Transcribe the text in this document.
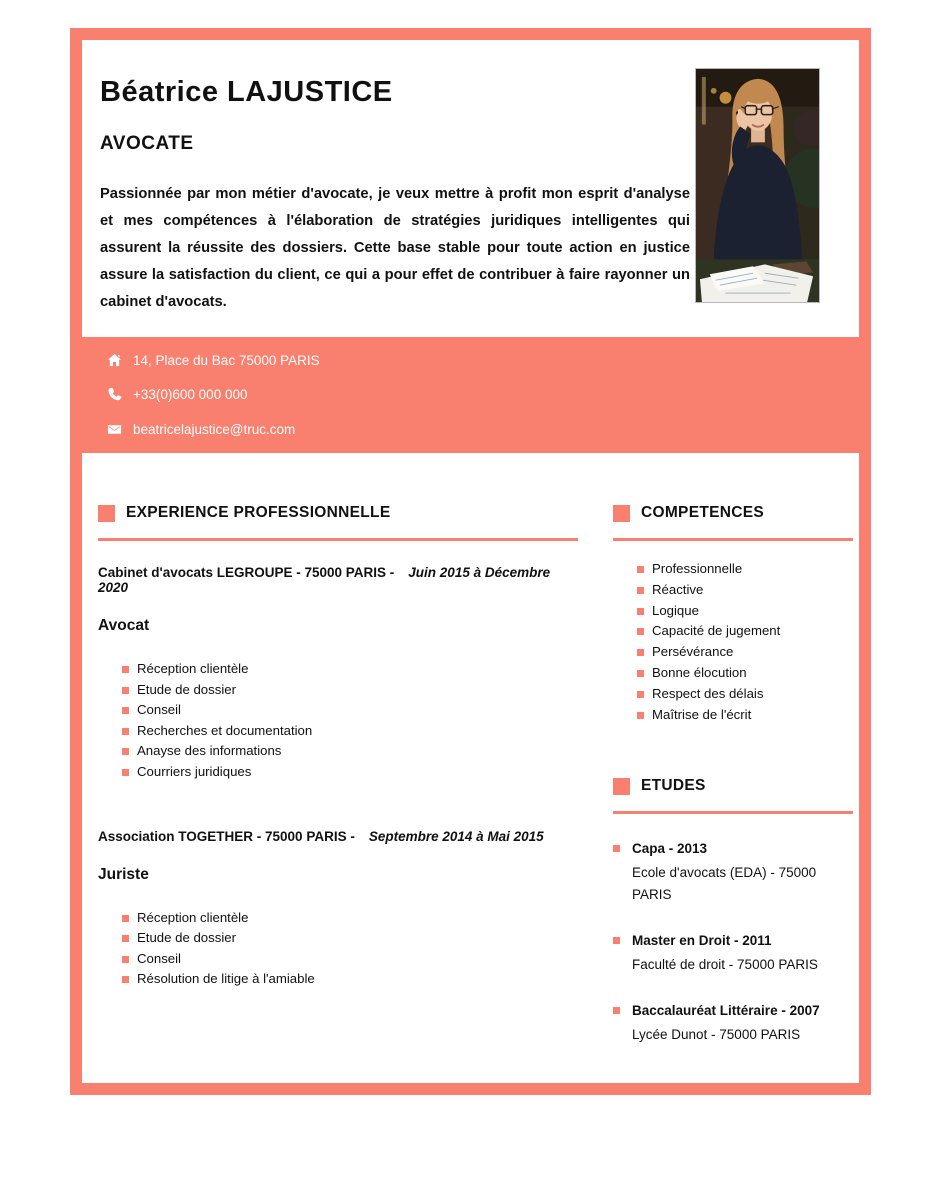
Béatrice LAJUSTICE
AVOCATE

Passionnée par mon métier d'avocate, je veux mettre à profit mon esprit d'analyse et mes compétences à l'élaboration de stratégies juridiques intelligentes qui assurent la réussite des dossiers. Cette base stable pour toute action en justice assure la satisfaction du client, ce qui a pour effet de contribuer à faire rayonner un cabinet d'avocats.

14, Place du Bac 75000 PARIS
+33(0)600 000 000
beatricelajustice@truc.com
EXPERIENCE PROFESSIONNELLE
Cabinet d'avocats LEGROUPE - 75000 PARIS - Juin 2015 à Décembre 2020
Avocat
Réception clientèle
Etude de dossier
Conseil
Recherches et documentation
Anayse des informations
Courriers juridiques
Association TOGETHER - 75000 PARIS - Septembre 2014 à Mai 2015
Juriste
Réception clientèle
Etude de dossier
Conseil
Résolution de litige à l'amiable
COMPETENCES
Professionnelle
Réactive
Logique
Capacité de jugement
Persévérance
Bonne élocution
Respect des délais
Maîtrise de l'écrit
ETUDES
Capa - 2013
Ecole d'avocats (EDA) - 75000 PARIS
Master en Droit - 2011
Faculté de droit - 75000 PARIS
Baccalauréat Littéraire - 2007
Lycée Dunot - 75000 PARIS
